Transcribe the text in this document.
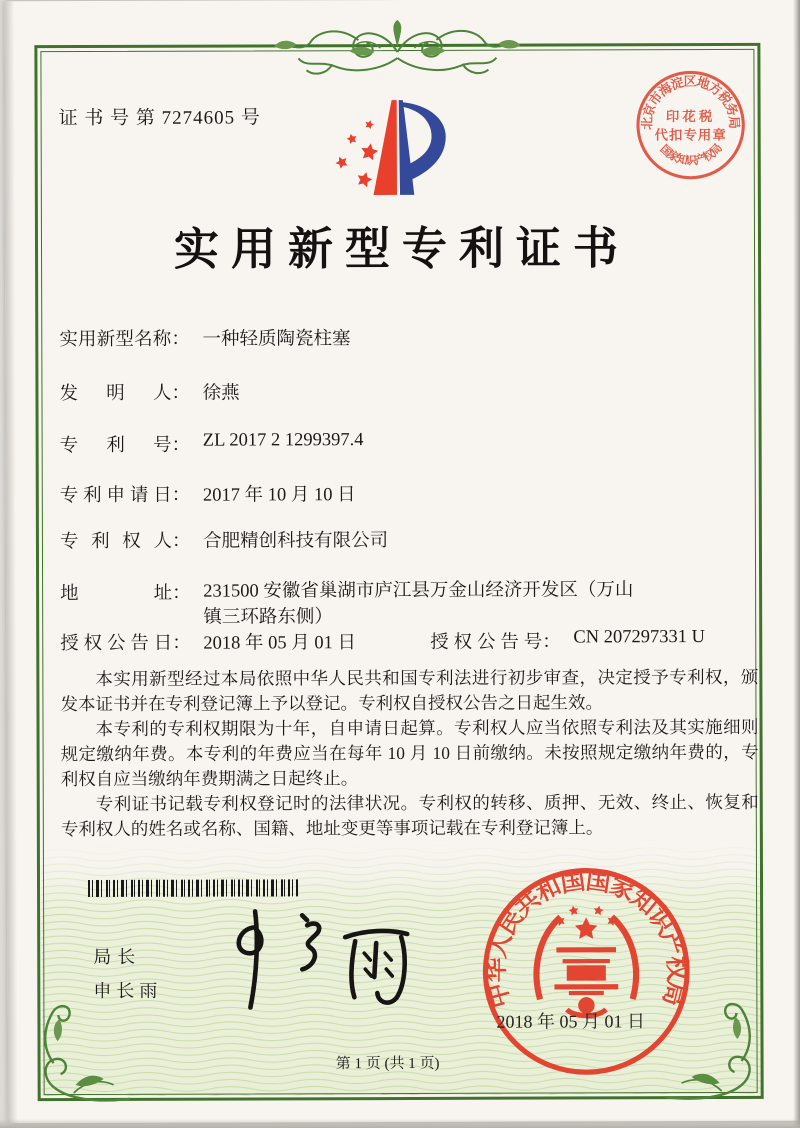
证 书 号 第 7274605 号
实用新型专利证书
实用新型名称： 一种轻质陶瓷柱塞
发明人： 徐燕
专利号： ZL 2017 2 1299397.4
专利申请日： 2017 年 10 月 10 日
专利权人： 合肥精创科技有限公司
地址： 231500 安徽省巢湖市庐江县万金山经济开发区（万山镇三环路东侧）
授权公告日： 2018 年 05 月 01 日	授权公告号： CN 207297331 U

本实用新型经过本局依照中华人民共和国专利法进行初步审查，决定授予专利权，颁发本证书并在专利登记簿上予以登记。专利权自授权公告之日起生效。

本专利的专利权期限为十年，自申请日起算。专利权人应当依照专利法及其实施细则规定缴纳年费。本专利的年费应当在每年 10 月 10 日前缴纳。未按照规定缴纳年费的，专利权自应当缴纳年费期满之日起终止。

专利证书记载专利权登记时的法律状况。专利权的转移、质押、无效、终止、恢复和专利权人的姓名或名称、国籍、地址变更等事项记载在专利登记簿上。

局长
申长雨
北京市海淀区地方税务局
国家知识产权局
印花税
代扣专用章
中华人民共和国国家知识产权局
2018 年 05 月 01 日
第 1 页 (共 1 页)
